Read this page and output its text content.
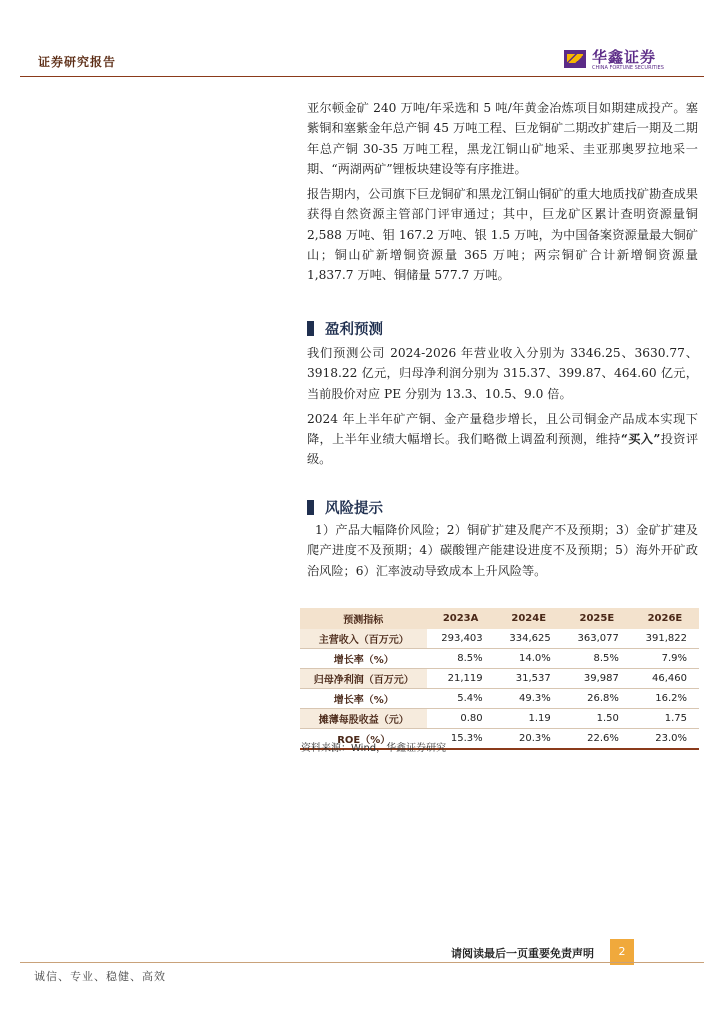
证券研究报告	华鑫证券
CHINA FORTUNE SECURITIES

亚尔顿金矿 240 万吨/年采选和 5 吨/年黄金冶炼项目如期建成投产。塞紫铜和塞紫金年总产铜 45 万吨工程、巨龙铜矿二期改扩建后一期及二期年总产铜 30-35 万吨工程，黑龙江铜山矿地采、圭亚那奥罗拉地采一期、“两湖两矿”锂板块建设等有序推进。

报告期内，公司旗下巨龙铜矿和黑龙江铜山铜矿的重大地质找矿勘查成果获得自然资源主管部门评审通过；其中，巨龙矿区累计查明资源量铜 2,588 万吨、钼 167.2 万吨、银 1.5 万吨，为中国备案资源量最大铜矿山；铜山矿新增铜资源量 365 万吨；两宗铜矿合计新增铜资源量 1,837.7 万吨、铜储量 577.7 万吨。

盈利预测

我们预测公司 2024-2026 年营业收入分别为 3346.25、3630.77、3918.22 亿元，归母净利润分别为 315.37、399.87、464.60 亿元，当前股价对应 PE 分别为 13.3、10.5、9.0 倍。

2024 年上半年矿产铜、金产量稳步增长，且公司铜金产品成本实现下降，上半年业绩大幅增长。我们略微上调盈利预测，维持“买入”投资评级。

风险提示

1）产品大幅降价风险；2）铜矿扩建及爬产不及预期；3）金矿扩建及爬产进度不及预期；4）碳酸锂产能建设进度不及预期；5）海外开矿政治风险；6）汇率波动导致成本上升风险等。

预测指标	2023A	2024E	2025E	2026E
主营收入（百万元）	293,403	334,625	363,077	391,822
增长率（%）	8.5%	14.0%	8.5%	7.9%
归母净利润（百万元）	21,119	31,537	39,987	46,460
增长率（%）	5.4%	49.3%	26.8%	16.2%
摊薄每股收益（元）	0.80	1.19	1.50	1.75
ROE（%）	15.3%	20.3%	22.6%	23.0%
资料来源：Wind，华鑫证券研究
请阅读最后一页重要免责声明	2
诚信、专业、稳健、高效
